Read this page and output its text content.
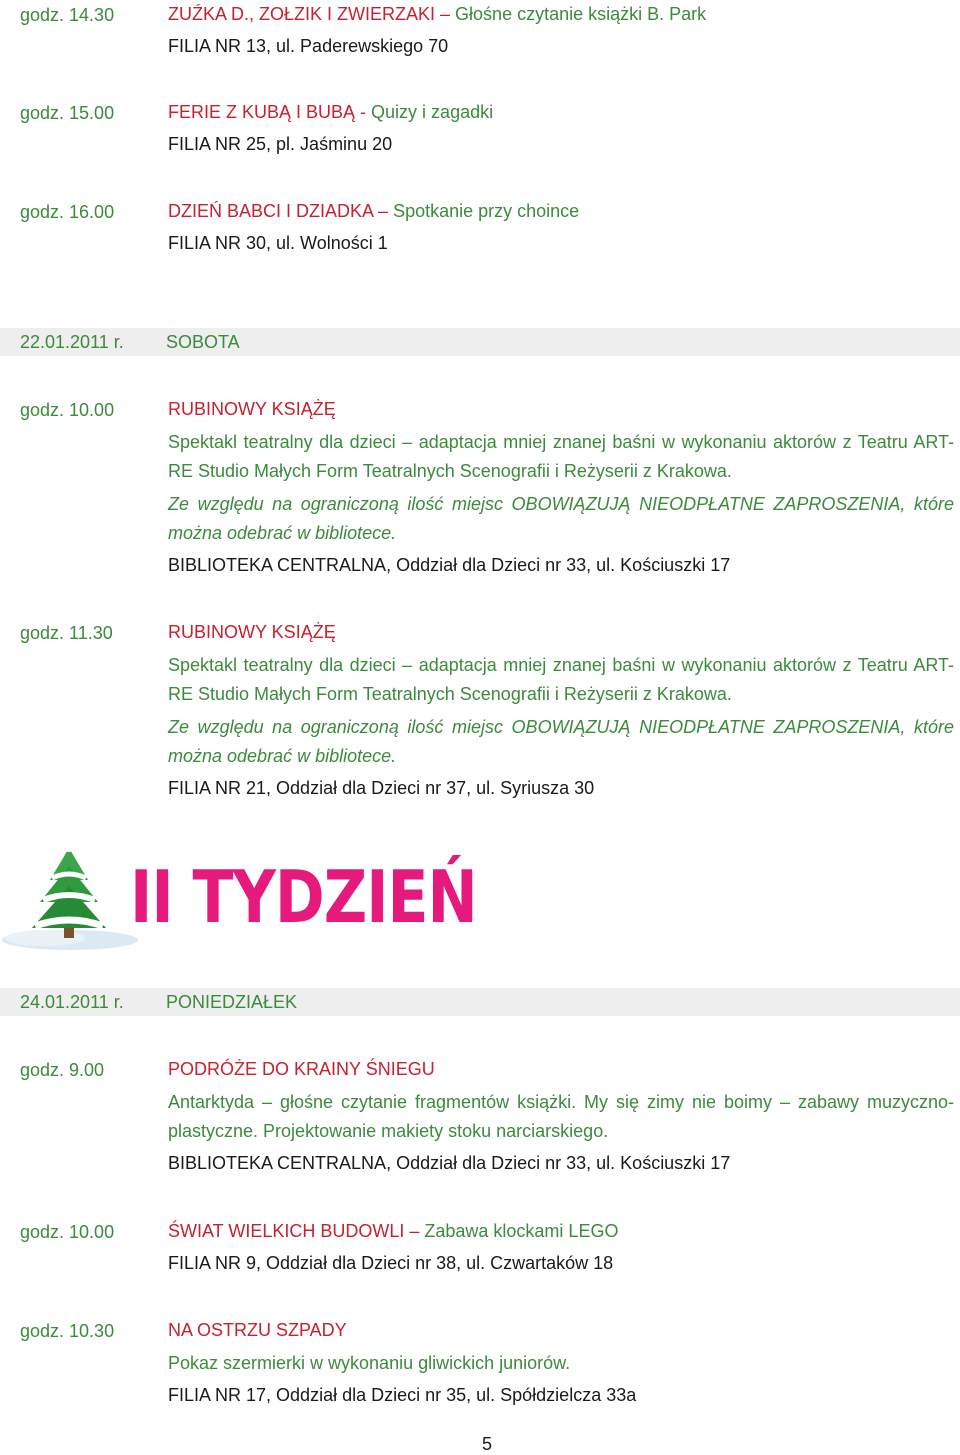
godz. 14.30	ZUŹKA D., ZOŁZIK I ZWIERZAKI – Głośne czytanie książki B. Park
FILIA NR 13, ul. Paderewskiego 70
godz. 15.00	FERIE Z KUBĄ I BUBĄ - Quizy i zagadki
FILIA NR 25, pl. Jaśminu 20
godz. 16.00	DZIEŃ BABCI I DZIADKA – Spotkanie przy choince
FILIA NR 30, ul. Wolności 1
22.01.2011 r. SOBOTA
godz. 10.00	RUBINOWY KSIĄŻĘ
Spektakl teatralny dla dzieci – adaptacja mniej znanej baśni w wykonaniu aktorów z Teatru ART-RE Studio Małych Form Teatralnych Scenografii i Reżyserii z Krakowa.
Ze względu na ograniczoną ilość miejsc OBOWIĄZUJĄ NIEODPŁATNE ZAPROSZENIA, które można odebrać w bibliotece.
BIBLIOTEKA CENTRALNA, Oddział dla Dzieci nr 33, ul. Kościuszki 17
godz. 11.30	RUBINOWY KSIĄŻĘ
Spektakl teatralny dla dzieci – adaptacja mniej znanej baśni w wykonaniu aktorów z Teatru ART-RE Studio Małych Form Teatralnych Scenografii i Reżyserii z Krakowa.
Ze względu na ograniczoną ilość miejsc OBOWIĄZUJĄ NIEODPŁATNE ZAPROSZENIA, które można odebrać w bibliotece.
FILIA NR 21, Oddział dla Dzieci nr 37, ul. Syriusza 30
II TYDZIEŃ
24.01.2011 r. PONIEDZIAŁEK
godz. 9.00	PODRÓŻE DO KRAINY ŚNIEGU
Antarktyda – głośne czytanie fragmentów książki. My się zimy nie boimy – zabawy muzyczno-plastyczne. Projektowanie makiety stoku narciarskiego.
BIBLIOTEKA CENTRALNA, Oddział dla Dzieci nr 33, ul. Kościuszki 17
godz. 10.00	ŚWIAT WIELKICH BUDOWLI – Zabawa klockami LEGO
FILIA NR 9, Oddział dla Dzieci nr 38, ul. Czwartaków 18
godz. 10.30	NA OSTRZU SZPADY
Pokaz szermierki w wykonaniu gliwickich juniorów.
FILIA NR 17, Oddział dla Dzieci nr 35, ul. Spółdzielcza 33a
5
